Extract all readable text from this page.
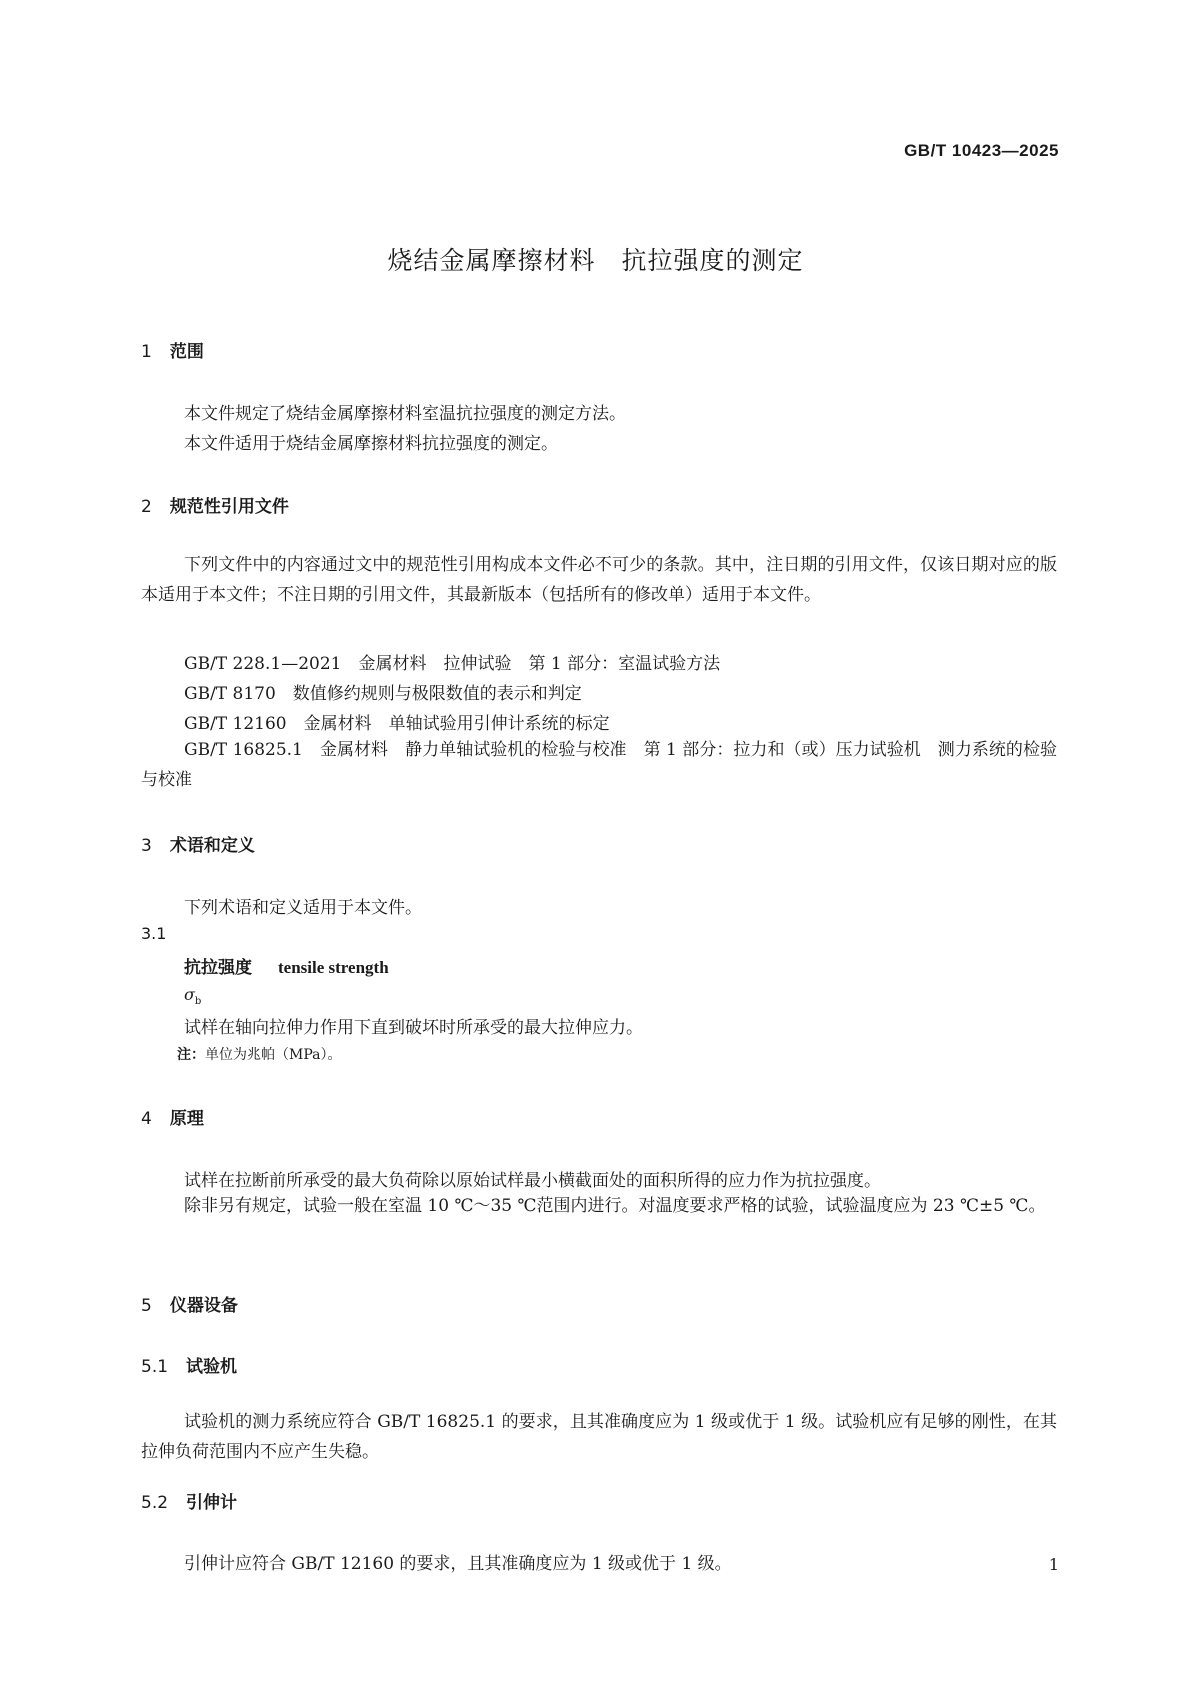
GB/T 10423—2025
烧结金属摩擦材料　抗拉强度的测定
1 范围
本文件规定了烧结金属摩擦材料室温抗拉强度的测定方法。
本文件适用于烧结金属摩擦材料抗拉强度的测定。
2 规范性引用文件
下列文件中的内容通过文中的规范性引用构成本文件必不可少的条款。其中，注日期的引用文件，仅该日期对应的版本适用于本文件；不注日期的引用文件，其最新版本（包括所有的修改单）适用于本文件。
GB/T 228.1—2021　金属材料　拉伸试验　第 1 部分：室温试验方法
GB/T 8170　数值修约规则与极限数值的表示和判定
GB/T 12160　金属材料　单轴试验用引伸计系统的标定
GB/T 16825.1　金属材料　静力单轴试验机的检验与校准　第 1 部分：拉力和（或）压力试验机　测力系统的检验与校准
3 术语和定义
下列术语和定义适用于本文件。
3.1
抗拉强度 tensile strength
$\sigma_b$
试样在轴向拉伸力作用下直到破坏时所承受的最大拉伸应力。
注：单位为兆帕（MPa）。
4 原理
试样在拉断前所承受的最大负荷除以原始试样最小横截面处的面积所得的应力作为抗拉强度。
除非另有规定，试验一般在室温 10 ℃～35 ℃范围内进行。对温度要求严格的试验，试验温度应为 23 ℃±5 ℃。
5 仪器设备
5.1 试验机
试验机的测力系统应符合 GB/T 16825.1 的要求，且其准确度应为 1 级或优于 1 级。试验机应有足够的刚性，在其拉伸负荷范围内不应产生失稳。
5.2 引伸计
引伸计应符合 GB/T 12160 的要求，且其准确度应为 1 级或优于 1 级。	1
